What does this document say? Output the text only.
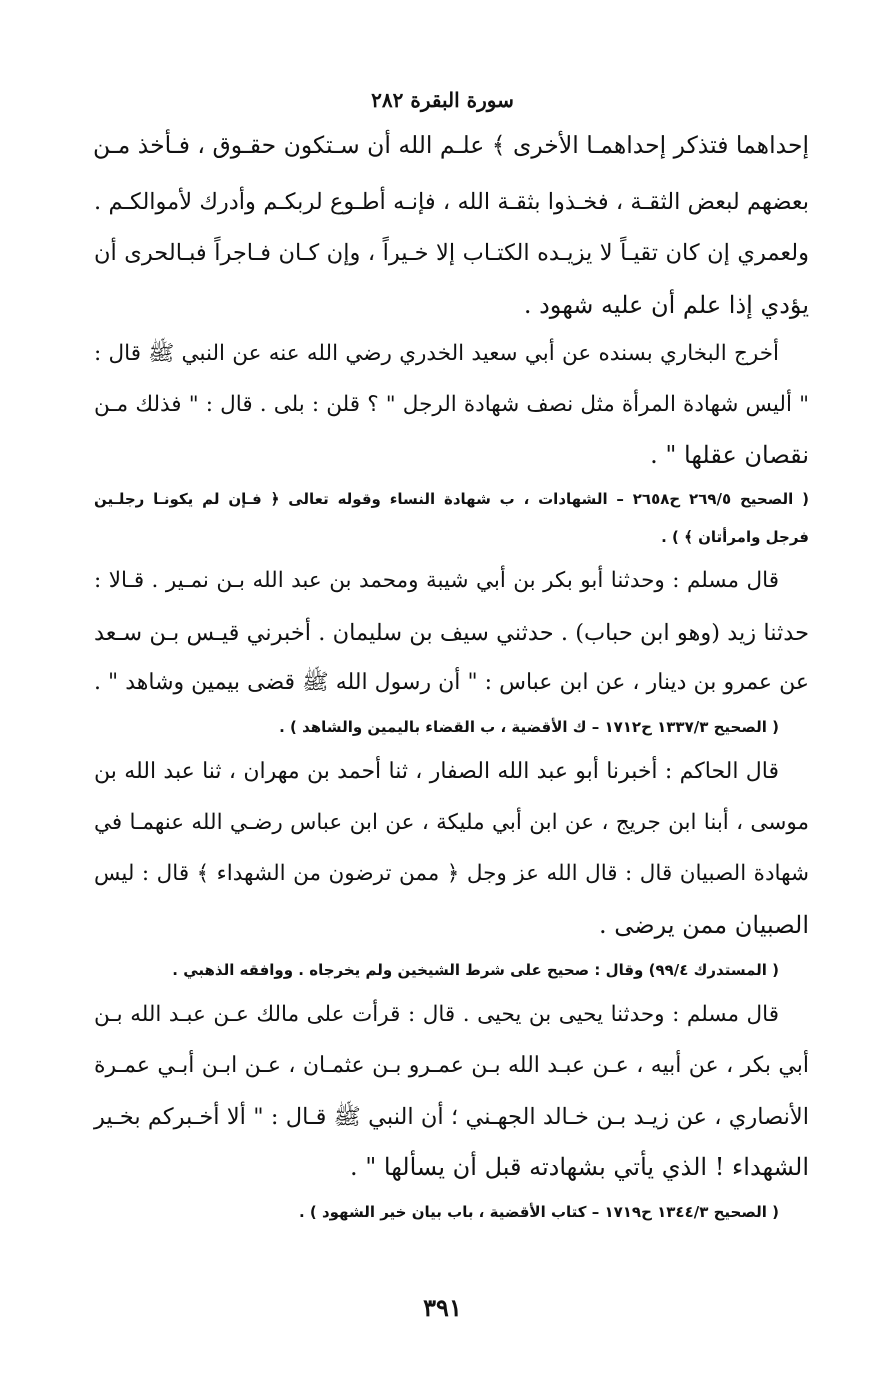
سورة البقرة ٢٨٢
إحداهما فتذكر إحداهمـا الأخرى ﴾ علـم الله أن سـتكون حقـوق ، فـأخذ مـن
بعضهم لبعض الثقـة ، فخـذوا بثقـة الله ، فإنـه أطـوع لربكـم وأدرك لأموالكـم .
ولعمري إن كان تقيـاً لا يزيـده الكتـاب إلا خـيراً ، وإن كـان فـاجراً فبـالحرى أن
يؤدي إذا علم أن عليه شهود .
أخرج البخاري بسنده عن أبي سعيد الخدري رضي الله عنه عن النبي ﷺ قال :
" أليس شهادة المرأة مثل نصف شهادة الرجل " ؟ قلن : بلى . قال : " فذلك مـن
نقصان عقلها " .
( الصحيح ٢٦٩/٥ ح٢٦٥٨ – الشهادات ، ب شهادة النساء وقوله تعالى ﴿ فـإن لم يكونـا رجلـين
فرجل وامرأتان ﴾ ) .
قال مسلم : وحدثنا أبو بكر بن أبي شيبة ومحمد بن عبد الله بـن نمـير . قـالا :
حدثنا زيد (وهو ابن حباب) . حدثني سيف بن سليمان . أخبرني قيـس بـن سـعد
عن عمرو بن دينار ، عن ابن عباس : " أن رسول الله ﷺ قضى بيمين وشاهد " .
( الصحيح ١٣٣٧/٣ ح١٧١٢ – ك الأقضية ، ب القضاء باليمين والشاهد ) .
قال الحاكم : أخبرنا أبو عبد الله الصفار ، ثنا أحمد بن مهران ، ثنا عبد الله بن
موسى ، أبنا ابن جريج ، عن ابن أبي مليكة ، عن ابن عباس رضـي الله عنهمـا في
شهادة الصبيان قال : قال الله عز وجل ﴿ ممن ترضون من الشهداء ﴾ قال : ليس
الصبيان ممن يرضى .
( المستدرك ٩٩/٤) وقال : صحيح على شرط الشيخين ولم يخرجاه . ووافقه الذهبي .
قال مسلم : وحدثنا يحيى بن يحيى . قال : قرأت على مالك عـن عبـد الله بـن
أبي بكر ، عن أبيه ، عـن عبـد الله بـن عمـرو بـن عثمـان ، عـن ابـن أبـي عمـرة
الأنصاري ، عن زيـد بـن خـالد الجهـني ؛ أن النبي ﷺ قـال : " ألا أخـبركم بخـير
الشهداء ! الذي يأتي بشهادته قبل أن يسألها " .
( الصحيح ١٣٤٤/٣ ح١٧١٩ – كتاب الأقضية ، باب بيان خير الشهود ) .
٣٩١
